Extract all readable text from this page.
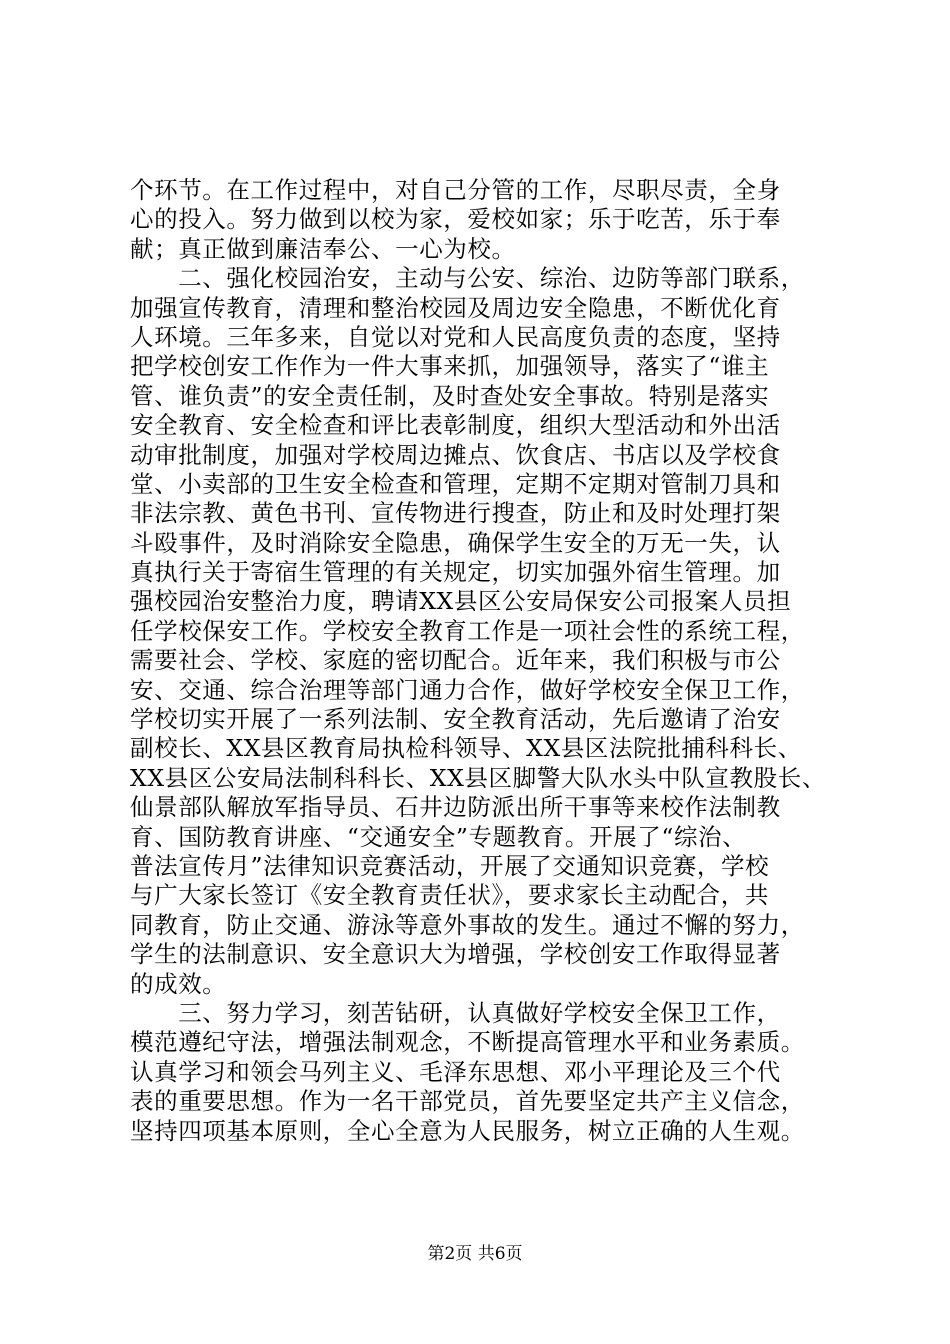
个环节。在工作过程中，对自己分管的工作，尽职尽责，全身
心的投入。努力做到以校为家，爱校如家；乐于吃苦，乐于奉
献；真正做到廉洁奉公、一心为校。
　　二、强化校园治安，主动与公安、综治、边防等部门联系，
加强宣传教育，清理和整治校园及周边安全隐患，不断优化育
人环境。三年多来，自觉以对党和人民高度负责的态度，坚持
把学校创安工作作为一件大事来抓，加强领导，落实了“谁主
管、谁负责”的安全责任制，及时查处安全事故。特别是落实
安全教育、安全检查和评比表彰制度，组织大型活动和外出活
动审批制度，加强对学校周边摊点、饮食店、书店以及学校食
堂、小卖部的卫生安全检查和管理，定期不定期对管制刀具和
非法宗教、黄色书刊、宣传物进行搜查，防止和及时处理打架
斗殴事件，及时消除安全隐患，确保学生安全的万无一失，认
真执行关于寄宿生管理的有关规定，切实加强外宿生管理。加
强校园治安整治力度，聘请XX县区公安局保安公司报案人员担
任学校保安工作。学校安全教育工作是一项社会性的系统工程，
需要社会、学校、家庭的密切配合。近年来，我们积极与市公
安、交通、综合治理等部门通力合作，做好学校安全保卫工作，
学校切实开展了一系列法制、安全教育活动，先后邀请了治安
副校长、XX县区教育局执检科领导、XX县区法院批捕科科长、
XX县区公安局法制科科长、XX县区脚警大队水头中队宣教股长、
仙景部队解放军指导员、石井边防派出所干事等来校作法制教
育、国防教育讲座、“交通安全”专题教育。开展了“综治、
普法宣传月”法律知识竞赛活动，开展了交通知识竞赛，学校
与广大家长签订《安全教育责任状》，要求家长主动配合，共
同教育，防止交通、游泳等意外事故的发生。通过不懈的努力，
学生的法制意识、安全意识大为增强，学校创安工作取得显著
的成效。
　　三、努力学习，刻苦钻研，认真做好学校安全保卫工作，
模范遵纪守法，增强法制观念，不断提高管理水平和业务素质。
认真学习和领会马列主义、毛泽东思想、邓小平理论及三个代
表的重要思想。作为一名干部党员，首先要坚定共产主义信念，
坚持四项基本原则，全心全意为人民服务，树立正确的人生观。
第2页 共6页
